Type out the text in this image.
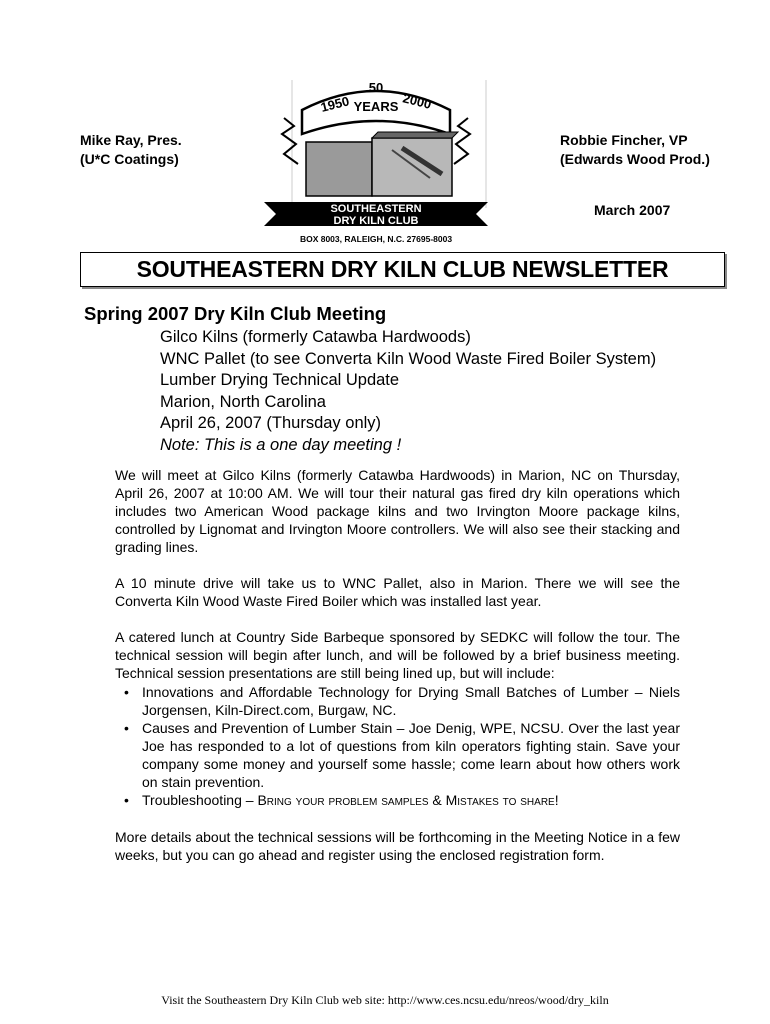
Mike Ray, Pres.
(U*C Coatings)
50
1950 YEARS 2000
SOUTHEASTERN
DRY KILN CLUB
BOX 8003, RALEIGH, N.C. 27695-8003
Robbie Fincher, VP
(Edwards Wood Prod.)
March 2007
SOUTHEASTERN DRY KILN CLUB NEWSLETTER
Spring 2007 Dry Kiln Club Meeting
Gilco Kilns (formerly Catawba Hardwoods)
WNC Pallet (to see Converta Kiln Wood Waste Fired Boiler System)
Lumber Drying Technical Update
Marion, North Carolina
April 26, 2007 (Thursday only)
Note: This is a one day meeting !

We will meet at Gilco Kilns (formerly Catawba Hardwoods) in Marion, NC on Thursday, April 26, 2007 at 10:00 AM. We will tour their natural gas fired dry kiln operations which includes two American Wood package kilns and two Irvington Moore package kilns, controlled by Lignomat and Irvington Moore controllers. We will also see their stacking and grading lines.

A 10 minute drive will take us to WNC Pallet, also in Marion. There we will see the Converta Kiln Wood Waste Fired Boiler which was installed last year.

A catered lunch at Country Side Barbeque sponsored by SEDKC will follow the tour. The technical session will begin after lunch, and will be followed by a brief business meeting. Technical session presentations are still being lined up, but will include:

• Innovations and Affordable Technology for Drying Small Batches of Lumber – Niels Jorgensen, Kiln-Direct.com, Burgaw, NC.
• Causes and Prevention of Lumber Stain – Joe Denig, WPE, NCSU. Over the last year Joe has responded to a lot of questions from kiln operators fighting stain. Save your company some money and yourself some hassle; come learn about how others work on stain prevention.
• Troubleshooting – Bring your problem samples & Mistakes to share!

More details about the technical sessions will be forthcoming in the Meeting Notice in a few weeks, but you can go ahead and register using the enclosed registration form.

Visit the Southeastern Dry Kiln Club web site: http://www.ces.ncsu.edu/nreos/wood/dry_kiln
